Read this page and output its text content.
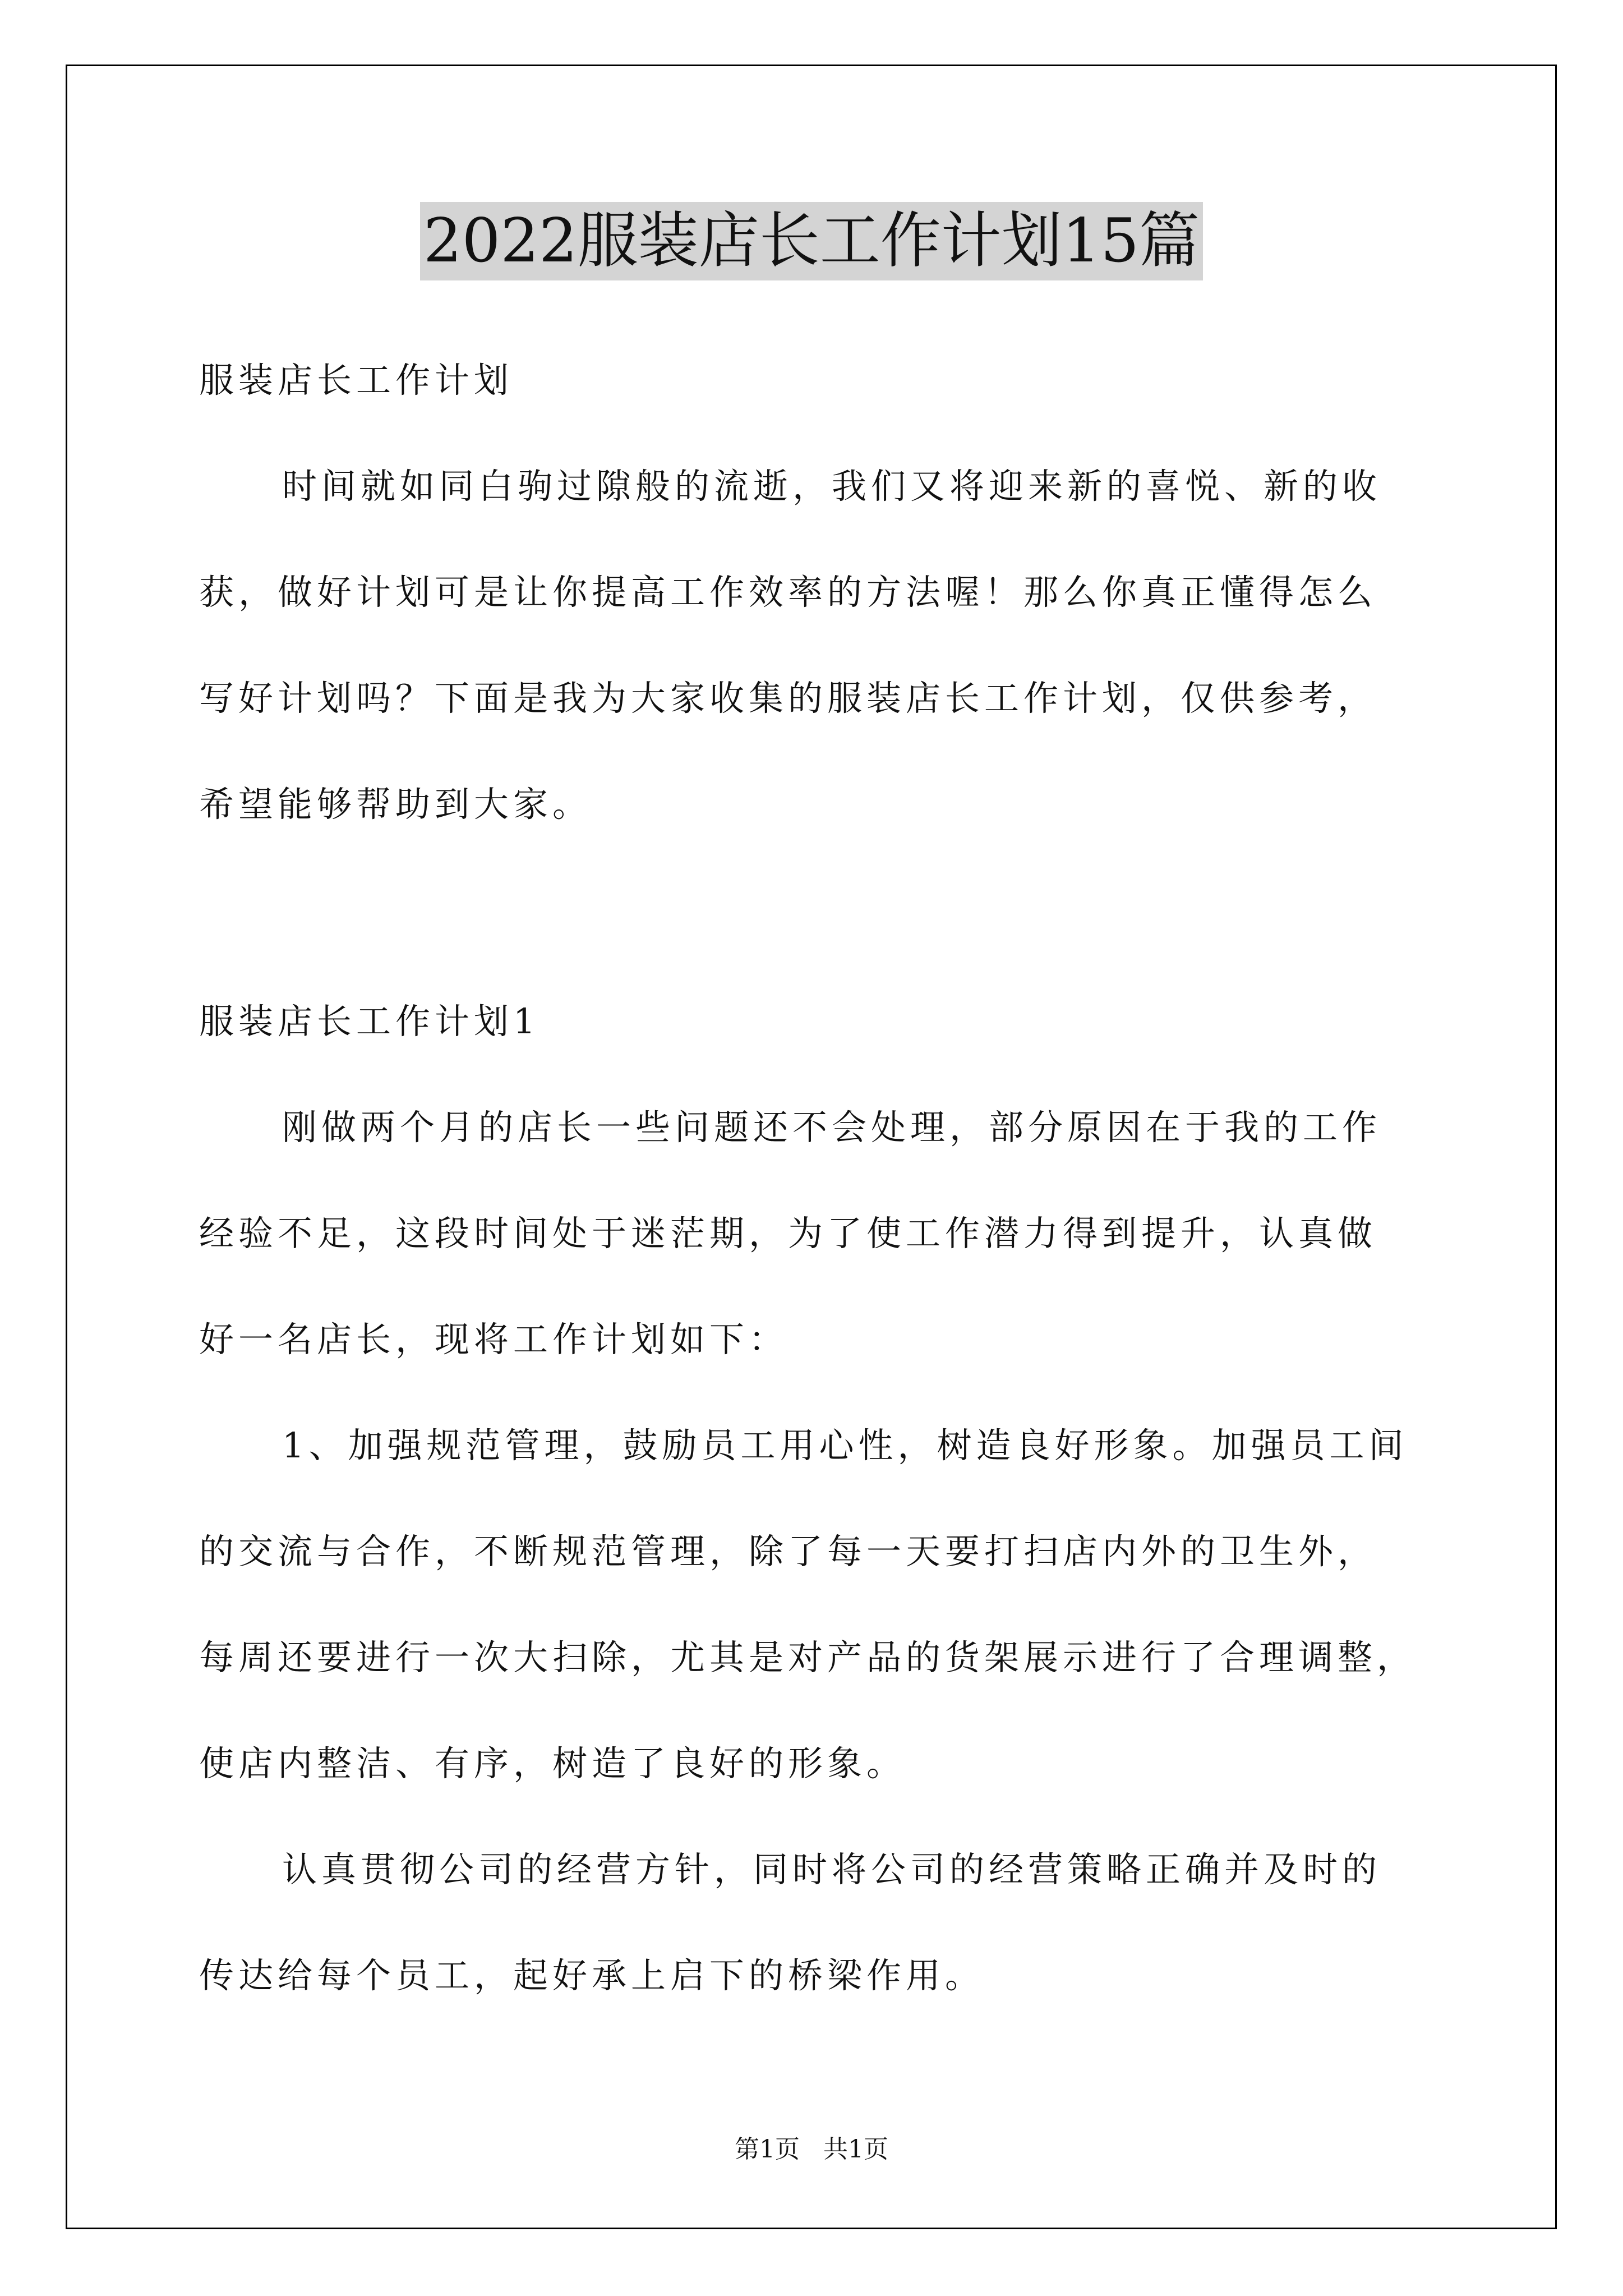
2022服装店长工作计划15篇
服装店长工作计划
时间就如同白驹过隙般的流逝，我们又将迎来新的喜悦、新的收
获，做好计划可是让你提高工作效率的方法喔！那么你真正懂得怎么
写好计划吗？下面是我为大家收集的服装店长工作计划，仅供参考，
希望能够帮助到大家。
服装店长工作计划1
刚做两个月的店长一些问题还不会处理，部分原因在于我的工作
经验不足，这段时间处于迷茫期，为了使工作潜力得到提升，认真做
好一名店长，现将工作计划如下：
1、加强规范管理，鼓励员工用心性，树造良好形象。加强员工间
的交流与合作，不断规范管理，除了每一天要打扫店内外的卫生外，
每周还要进行一次大扫除，尤其是对产品的货架展示进行了合理调整，
使店内整洁、有序，树造了良好的形象。
认真贯彻公司的经营方针，同时将公司的经营策略正确并及时的
传达给每个员工，起好承上启下的桥梁作用。
第1页   共1页
